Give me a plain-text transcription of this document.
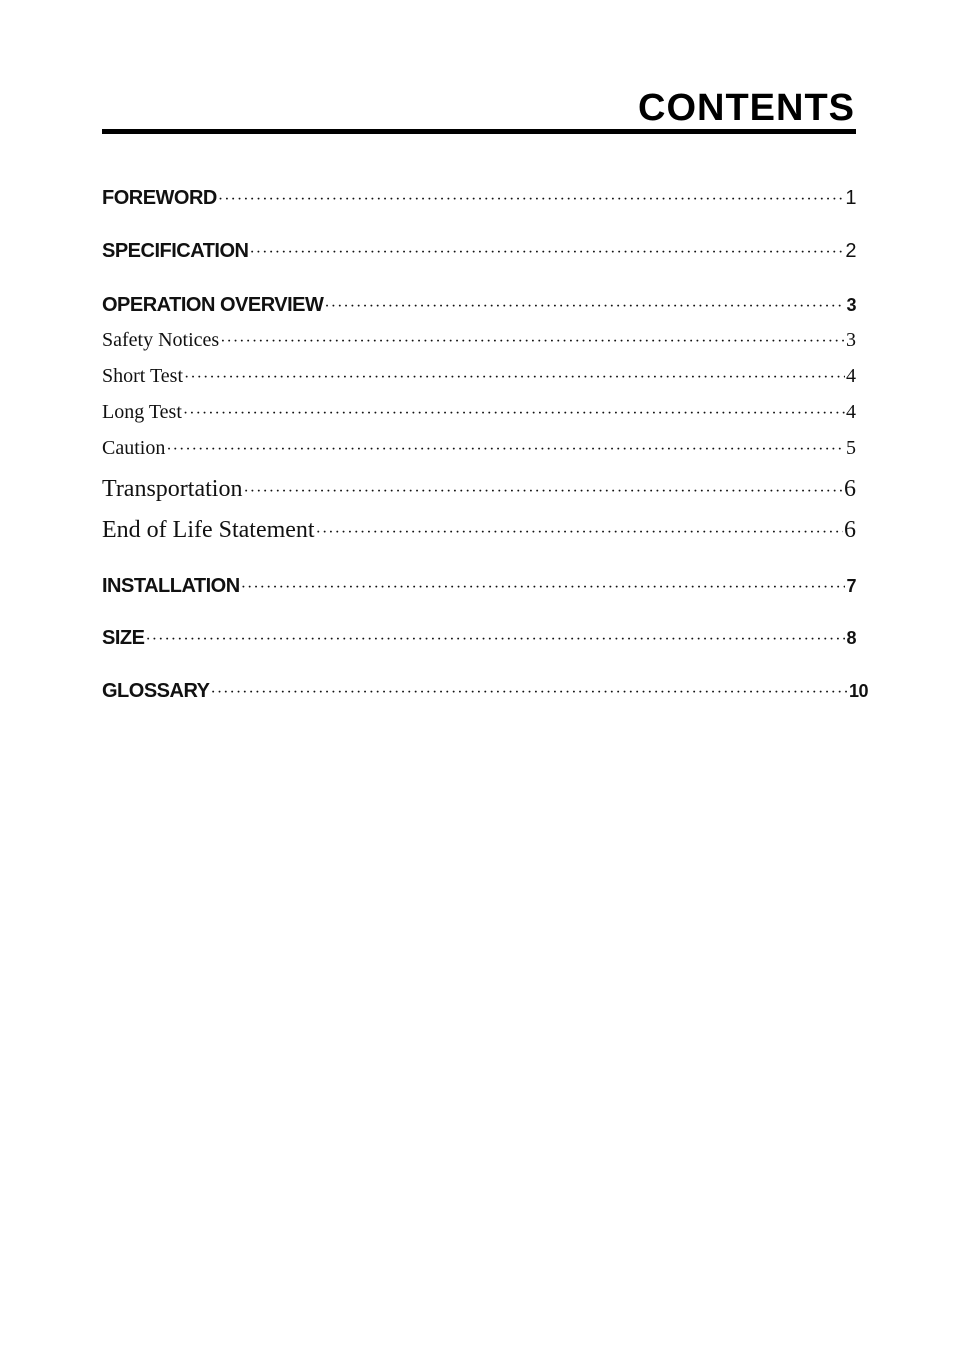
CONTENTS
FOREWORD ·····	1
SPECIFICATION ·····	2
OPERATION OVERVIEW ·····	3
Safety Notices ·····	3
Short Test ·····	4
Long Test ·····	4
Caution ·····	5
Transportation ·····	6
End of Life Statement ·····	6
INSTALLATION ·····	7
SIZE ·····	8
GLOSSARY ·····	10
